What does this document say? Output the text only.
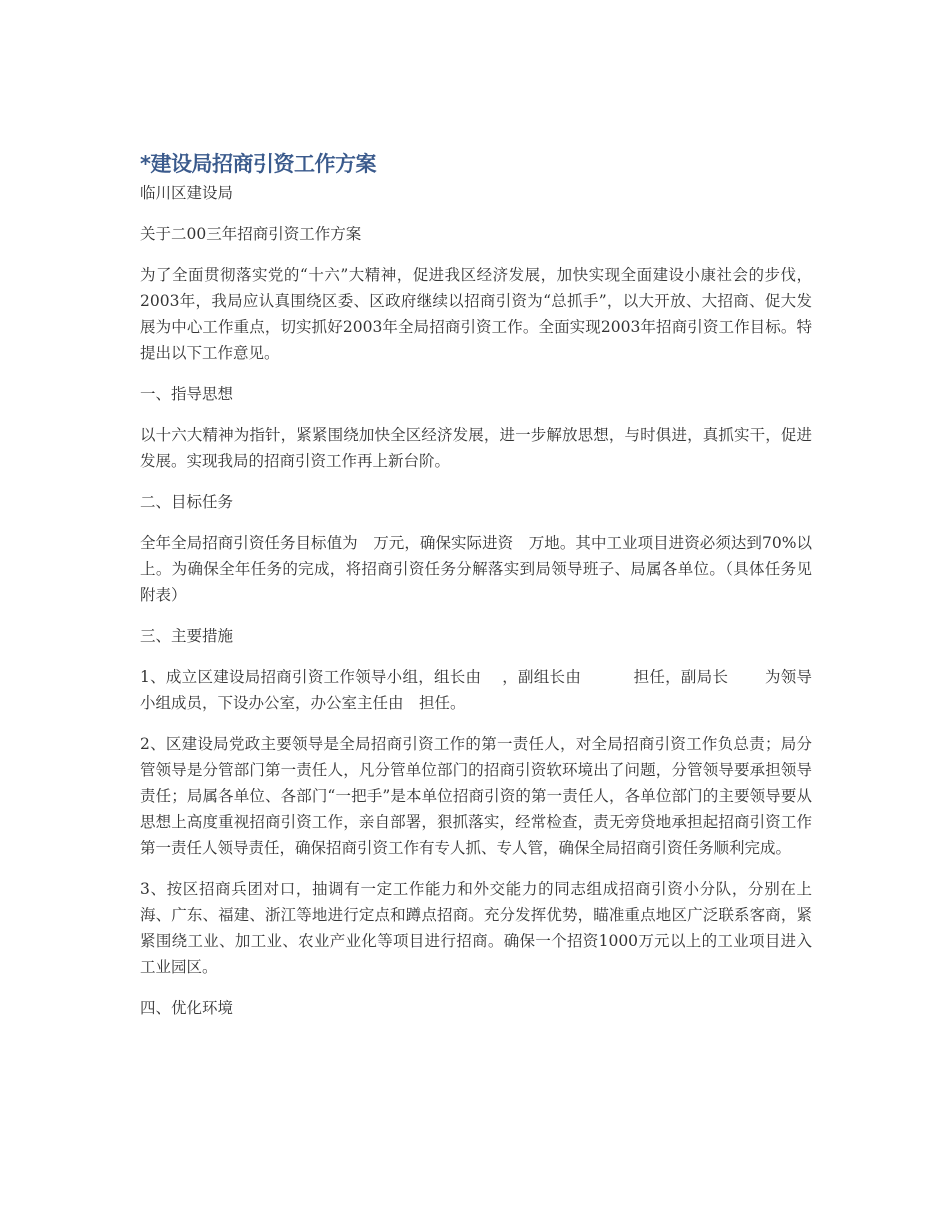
*建设局招商引资工作方案

临川区建设局

关于二00三年招商引资工作方案

为了全面贯彻落实党的“十六”大精神，促进我区经济发展，加快实现全面建设小康社会的步伐，2003年，我局应认真围绕区委、区政府继续以招商引资为“总抓手”，以大开放、大招商、促大发展为中心工作重点，切实抓好2003年全局招商引资工作。全面实现2003年招商引资工作目标。特提出以下工作意见。

一、指导思想

以十六大精神为指针，紧紧围绕加快全区经济发展，进一步解放思想，与时俱进，真抓实干，促进发展。实现我局的招商引资工作再上新台阶。

二、目标任务

全年全局招商引资任务目标值为　万元，确保实际进资　万地。其中工业项目进资必须达到70%以上。为确保全年任务的完成，将招商引资任务分解落实到局领导班子、局属各单位。（具体任务见附表）

三、主要措施

1、成立区建设局招商引资工作领导小组，组长由　 ，副组长由　　　 担任，副局长　　 为领导小组成员，下设办公室，办公室主任由　担任。

2、区建设局党政主要领导是全局招商引资工作的第一责任人，对全局招商引资工作负总责；局分管领导是分管部门第一责任人，凡分管单位部门的招商引资软环境出了问题，分管领导要承担领导责任；局属各单位、各部门“一把手”是本单位招商引资的第一责任人，各单位部门的主要领导要从思想上高度重视招商引资工作，亲自部署，狠抓落实，经常检查，责无旁贷地承担起招商引资工作第一责任人领导责任，确保招商引资工作有专人抓、专人管，确保全局招商引资任务顺利完成。

3、按区招商兵团对口，抽调有一定工作能力和外交能力的同志组成招商引资小分队，分别在上海、广东、福建、浙江等地进行定点和蹲点招商。充分发挥优势，瞄准重点地区广泛联系客商，紧紧围绕工业、加工业、农业产业化等项目进行招商。确保一个招资1000万元以上的工业项目进入工业园区。

四、优化环境
